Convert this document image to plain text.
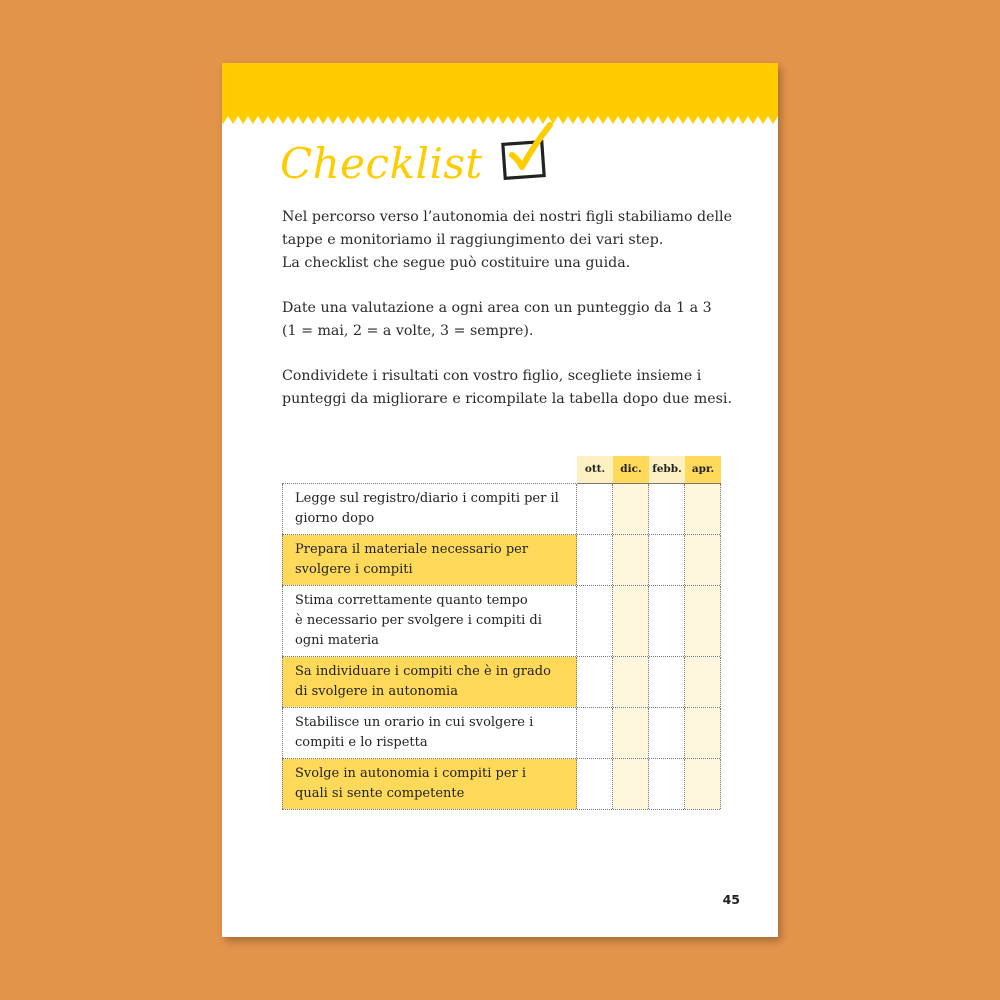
Checklist

Nel percorso verso l’autonomia dei nostri figli stabiliamo delle
tappe e monitoriamo il raggiungimento dei vari step.
La checklist che segue può costituire una guida.

Date una valutazione a ogni area con un punteggio da 1 a 3
(1 = mai, 2 = a volte, 3 = sempre).

Condividete i risultati con vostro figlio, scegliete insieme i
punteggi da migliorare e ricompilate la tabella dopo due mesi.

ott.	dic.	febb. apr.
Legge sul registro/diario i compiti per il
giorno dopo
Prepara il materiale necessario per
svolgere i compiti
Stima correttamente quanto tempo
è necessario per svolgere i compiti di
ogni materia
Sa individuare i compiti che è in grado
di svolgere in autonomia
Stabilisce un orario in cui svolgere i
compiti e lo rispetta
Svolge in autonomia i compiti per i
quali si sente competente
45
